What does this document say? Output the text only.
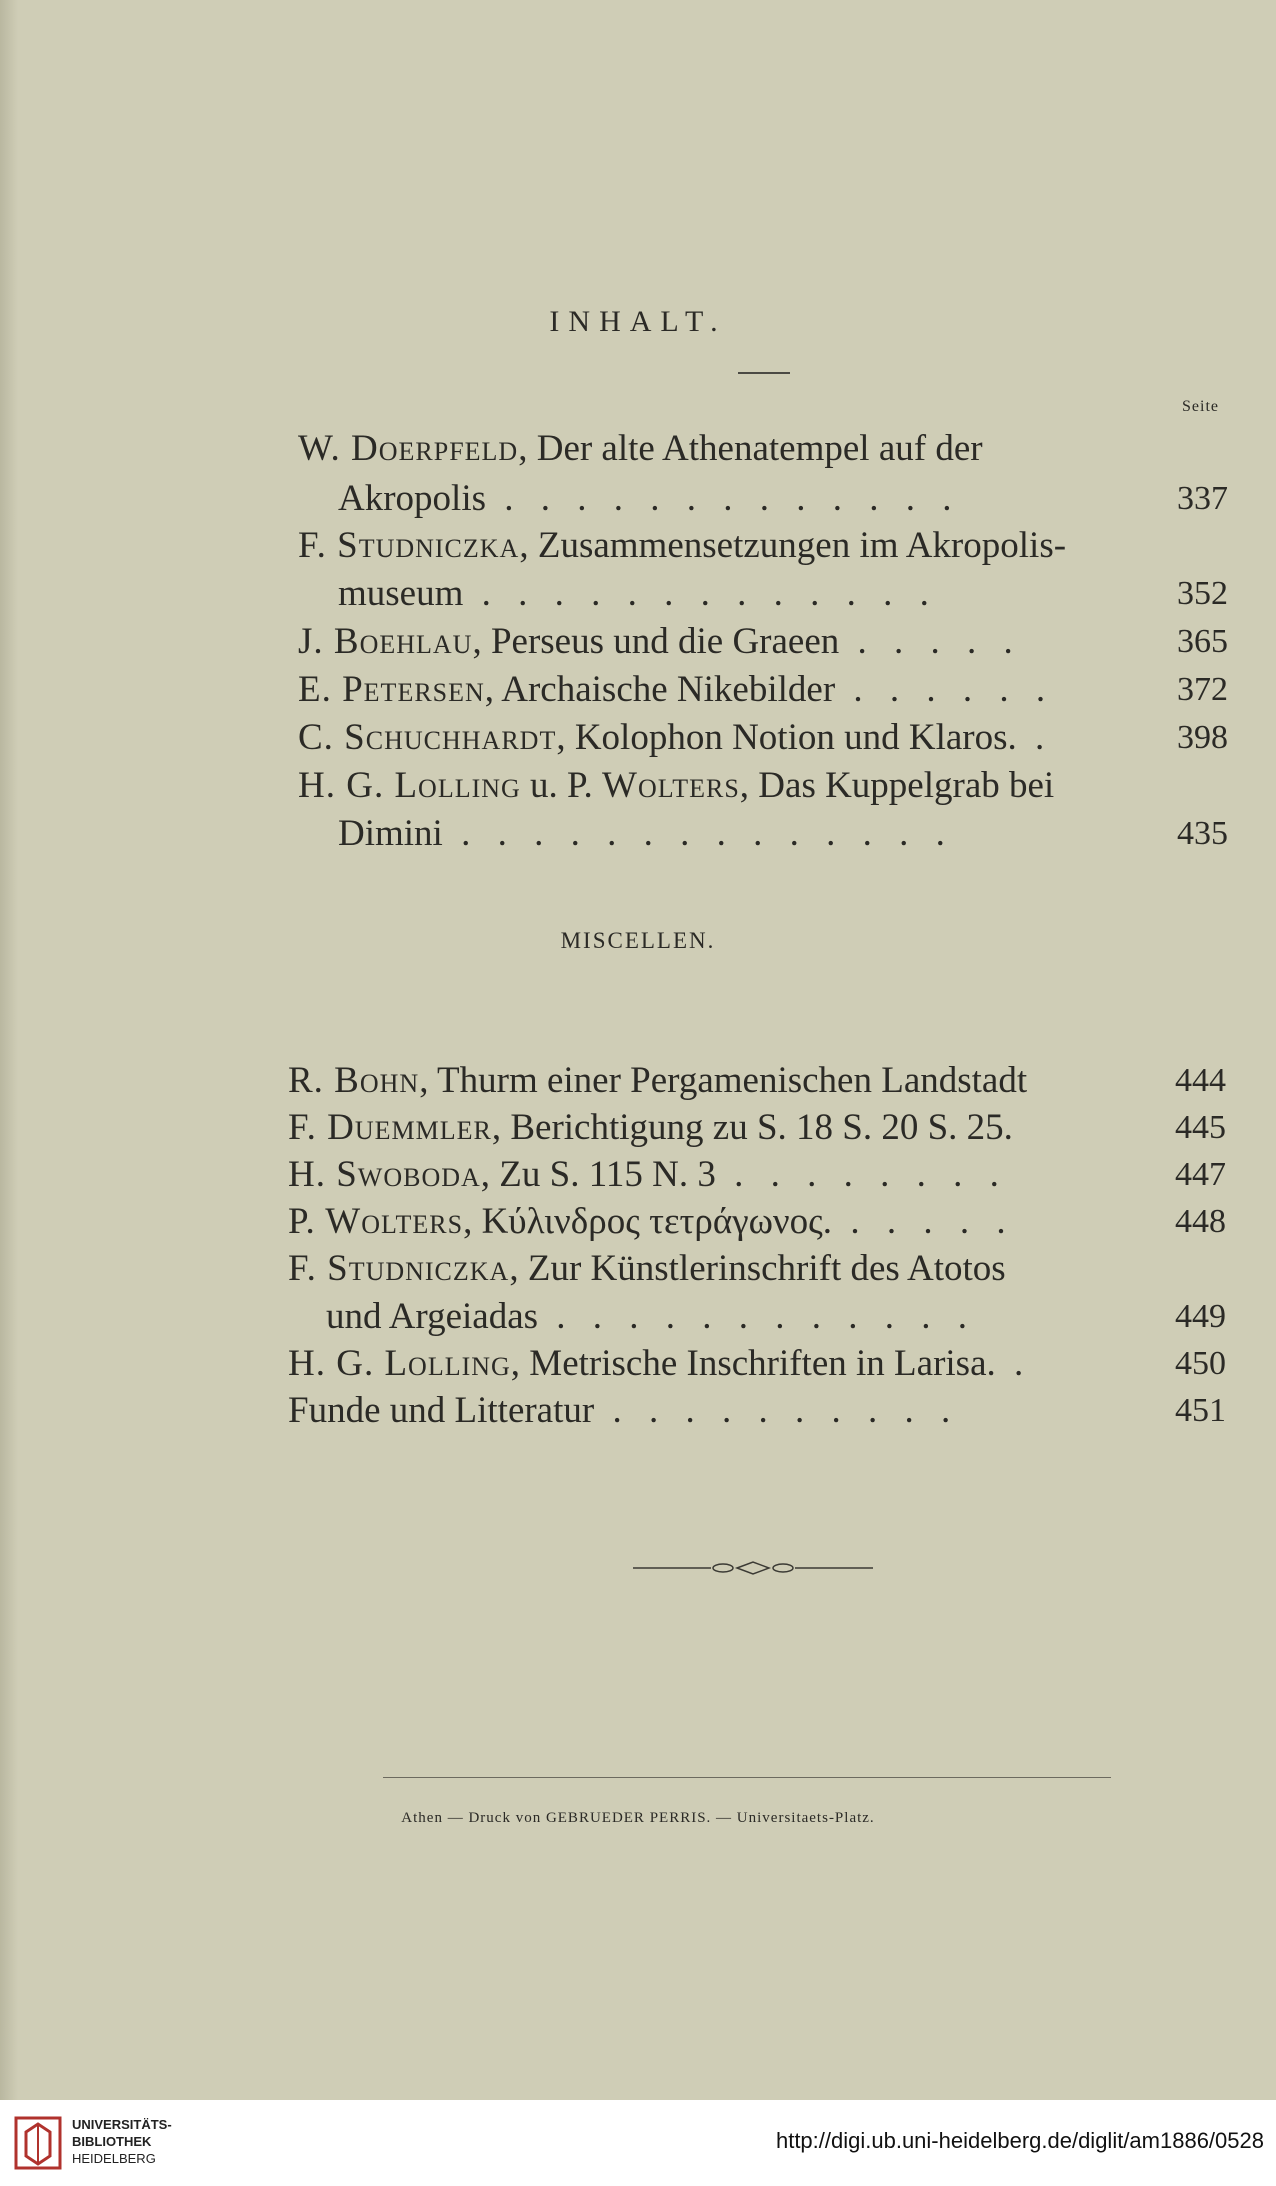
INHALT.
Seite
W. Doerpfeld, Der alte Athenatempel auf der
Akropolis . . . . . . . . . . . . .	337
F. Studniczka, Zusammensetzungen im Akropolis-
museum . . . . . . . . . . . . .	352
J. Boehlau, Perseus und die Graeen . . . . .	365
E. Petersen, Archaische Nikebilder . . . . . .	372
C. Schuchhardt, Kolophon Notion und Klaros. .	398
H. G. Lolling u. P. Wolters, Das Kuppelgrab bei
Dimini . . . . . . . . . . . . . .	435
MISCELLEN.
R. Bohn, Thurm einer Pergamenischen Landstadt	444
F. Duemmler, Berichtigung zu S. 18 S. 20 S. 25.	445
H. Swoboda, Zu S. 115 N. 3 . . . . . . . .	447
P. Wolters, Κύλινδρος τετράγωνος. . . . . .	448
F. Studniczka, Zur Künstlerinschrift des Atotos
und Argeiadas . . . . . . . . . . . .	449
H. G. Lolling, Metrische Inschriften in Larisa. .	450
Funde und Litteratur . . . . . . . . . .	451
Athen — Druck von GEBRUEDER PERRIS. — Universitaets-Platz.
UNIVERSITÄTS-
BIBLIOTHEK
HEIDELBERG
http://digi.ub.uni-heidelberg.de/diglit/am1886/0528
